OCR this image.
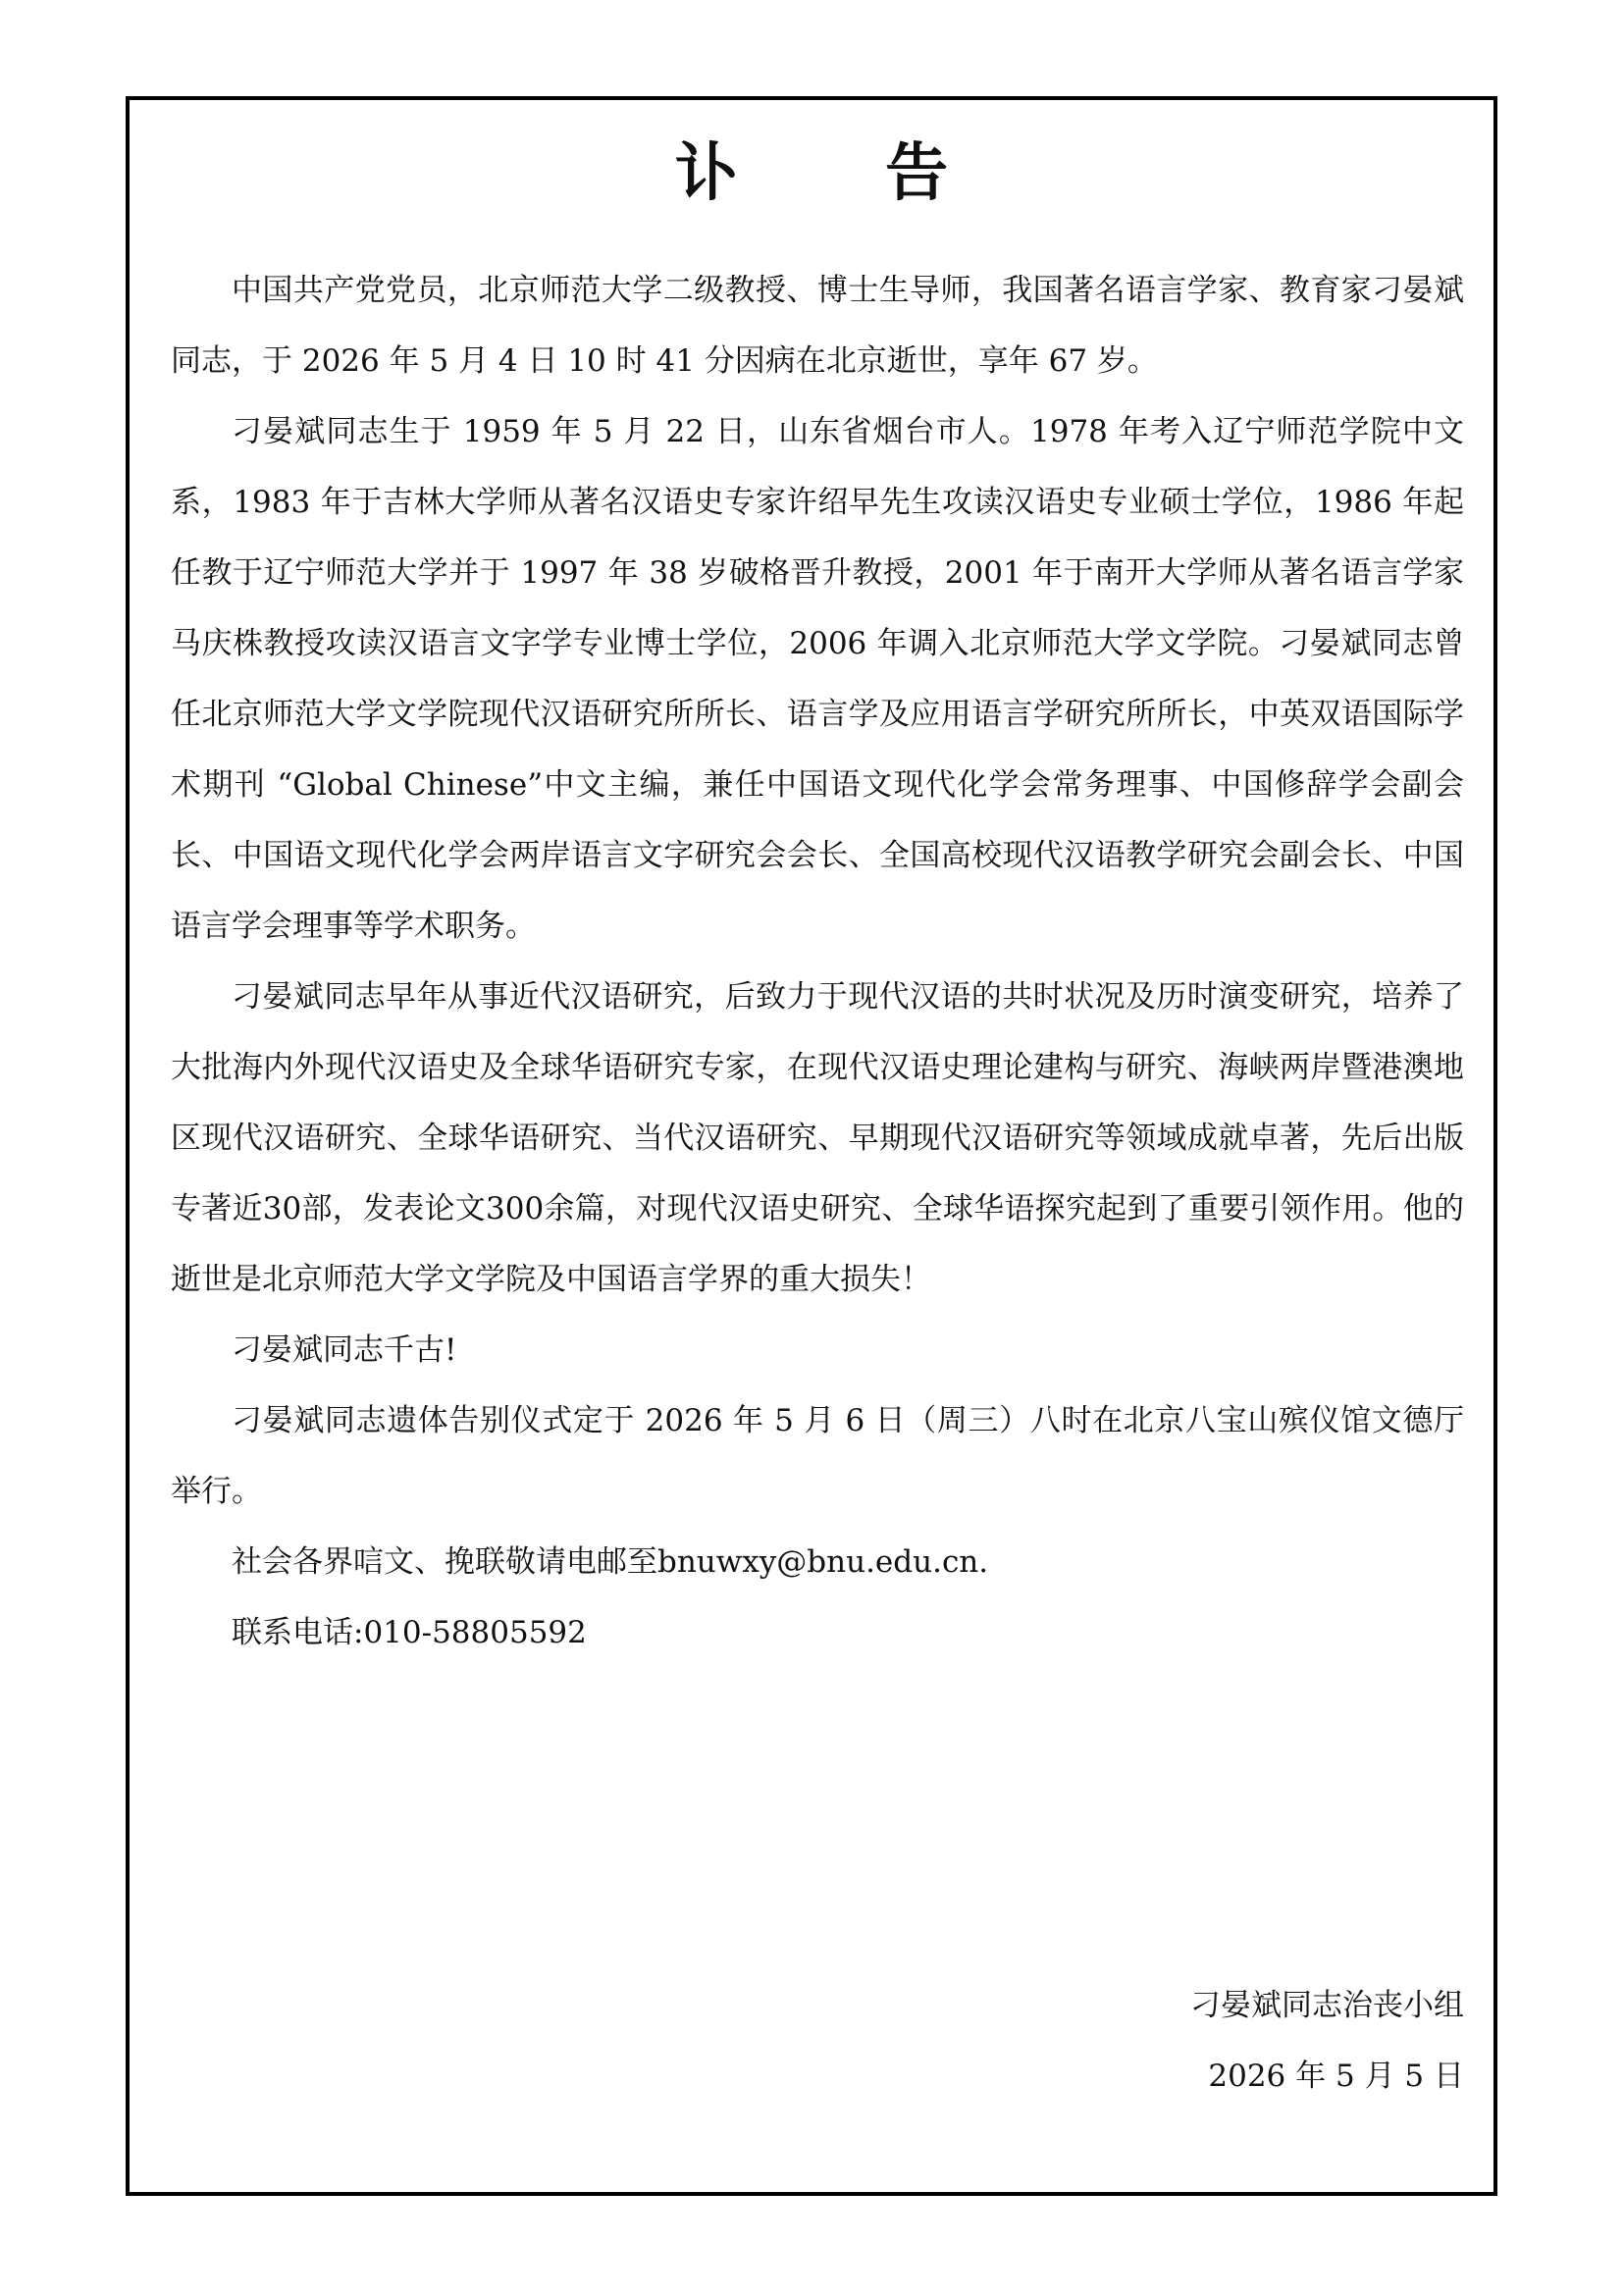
讣 告

中国共产党党员，北京师范大学二级教授、博士生导师，我国著名语言学家、教育家刁晏斌同志，于 2026 年 5 月 4 日 10 时 41 分因病在北京逝世，享年 67 岁。

刁晏斌同志生于 1959 年 5 月 22 日，山东省烟台市人。1978 年考入辽宁师范学院中文系，1983 年于吉林大学师从著名汉语史专家许绍早先生攻读汉语史专业硕士学位，1986 年起任教于辽宁师范大学并于 1997 年 38 岁破格晋升教授，2001 年于南开大学师从著名语言学家马庆株教授攻读汉语言文字学专业博士学位，2006 年调入北京师范大学文学院。刁晏斌同志曾任北京师范大学文学院现代汉语研究所所长、语言学及应用语言学研究所所长，中英双语国际学术期刊 “Global Chinese”中文主编，兼任中国语文现代化学会常务理事、中国修辞学会副会长、中国语文现代化学会两岸语言文字研究会会长、全国高校现代汉语教学研究会副会长、中国语言学会理事等学术职务。

刁晏斌同志早年从事近代汉语研究，后致力于现代汉语的共时状况及历时演变研究，培养了大批海内外现代汉语史及全球华语研究专家，在现代汉语史理论建构与研究、海峡两岸暨港澳地区现代汉语研究、全球华语研究、当代汉语研究、早期现代汉语研究等领域成就卓著，先后出版专著近30部，发表论文300余篇，对现代汉语史研究、全球华语探究起到了重要引领作用。他的逝世是北京师范大学文学院及中国语言学界的重大损失！

刁晏斌同志千古!

刁晏斌同志遗体告别仪式定于 2026 年 5 月 6 日（周三）八时在北京八宝山殡仪馆文德厅举行。

社会各界唁文、挽联敬请电邮至bnuwxy@bnu.edu.cn.

联系电话:010-58805592

刁晏斌同志治丧小组
2026 年 5 月 5 日
